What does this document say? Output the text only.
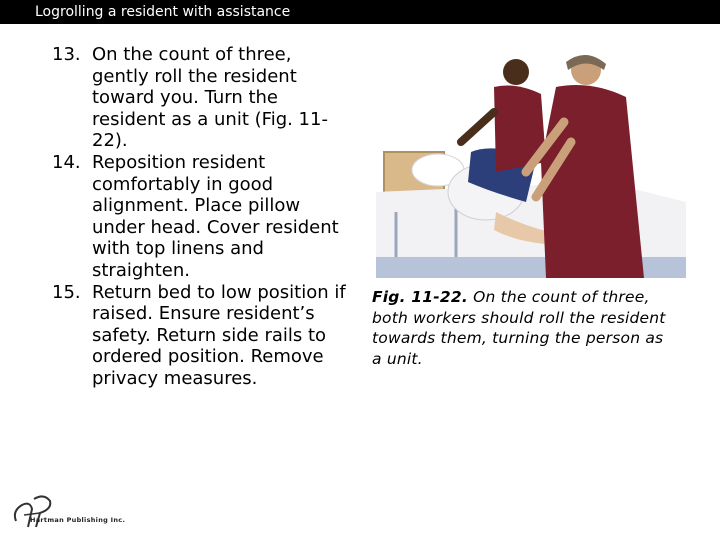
Logrolling a resident with assistance
13. On the count of three, gently roll the resident toward you. Turn the resident as a unit (Fig. 11-22).
14. Reposition resident comfortably in good alignment. Place pillow under head. Cover resident with top linens and straighten.
15. Return bed to low position if raised. Ensure resident’s safety. Return side rails to ordered position. Remove privacy measures.
Fig. 11-22. On the count of three, both workers should roll the resident towards them, turning the person as a unit.
Hartman Publishing Inc.
